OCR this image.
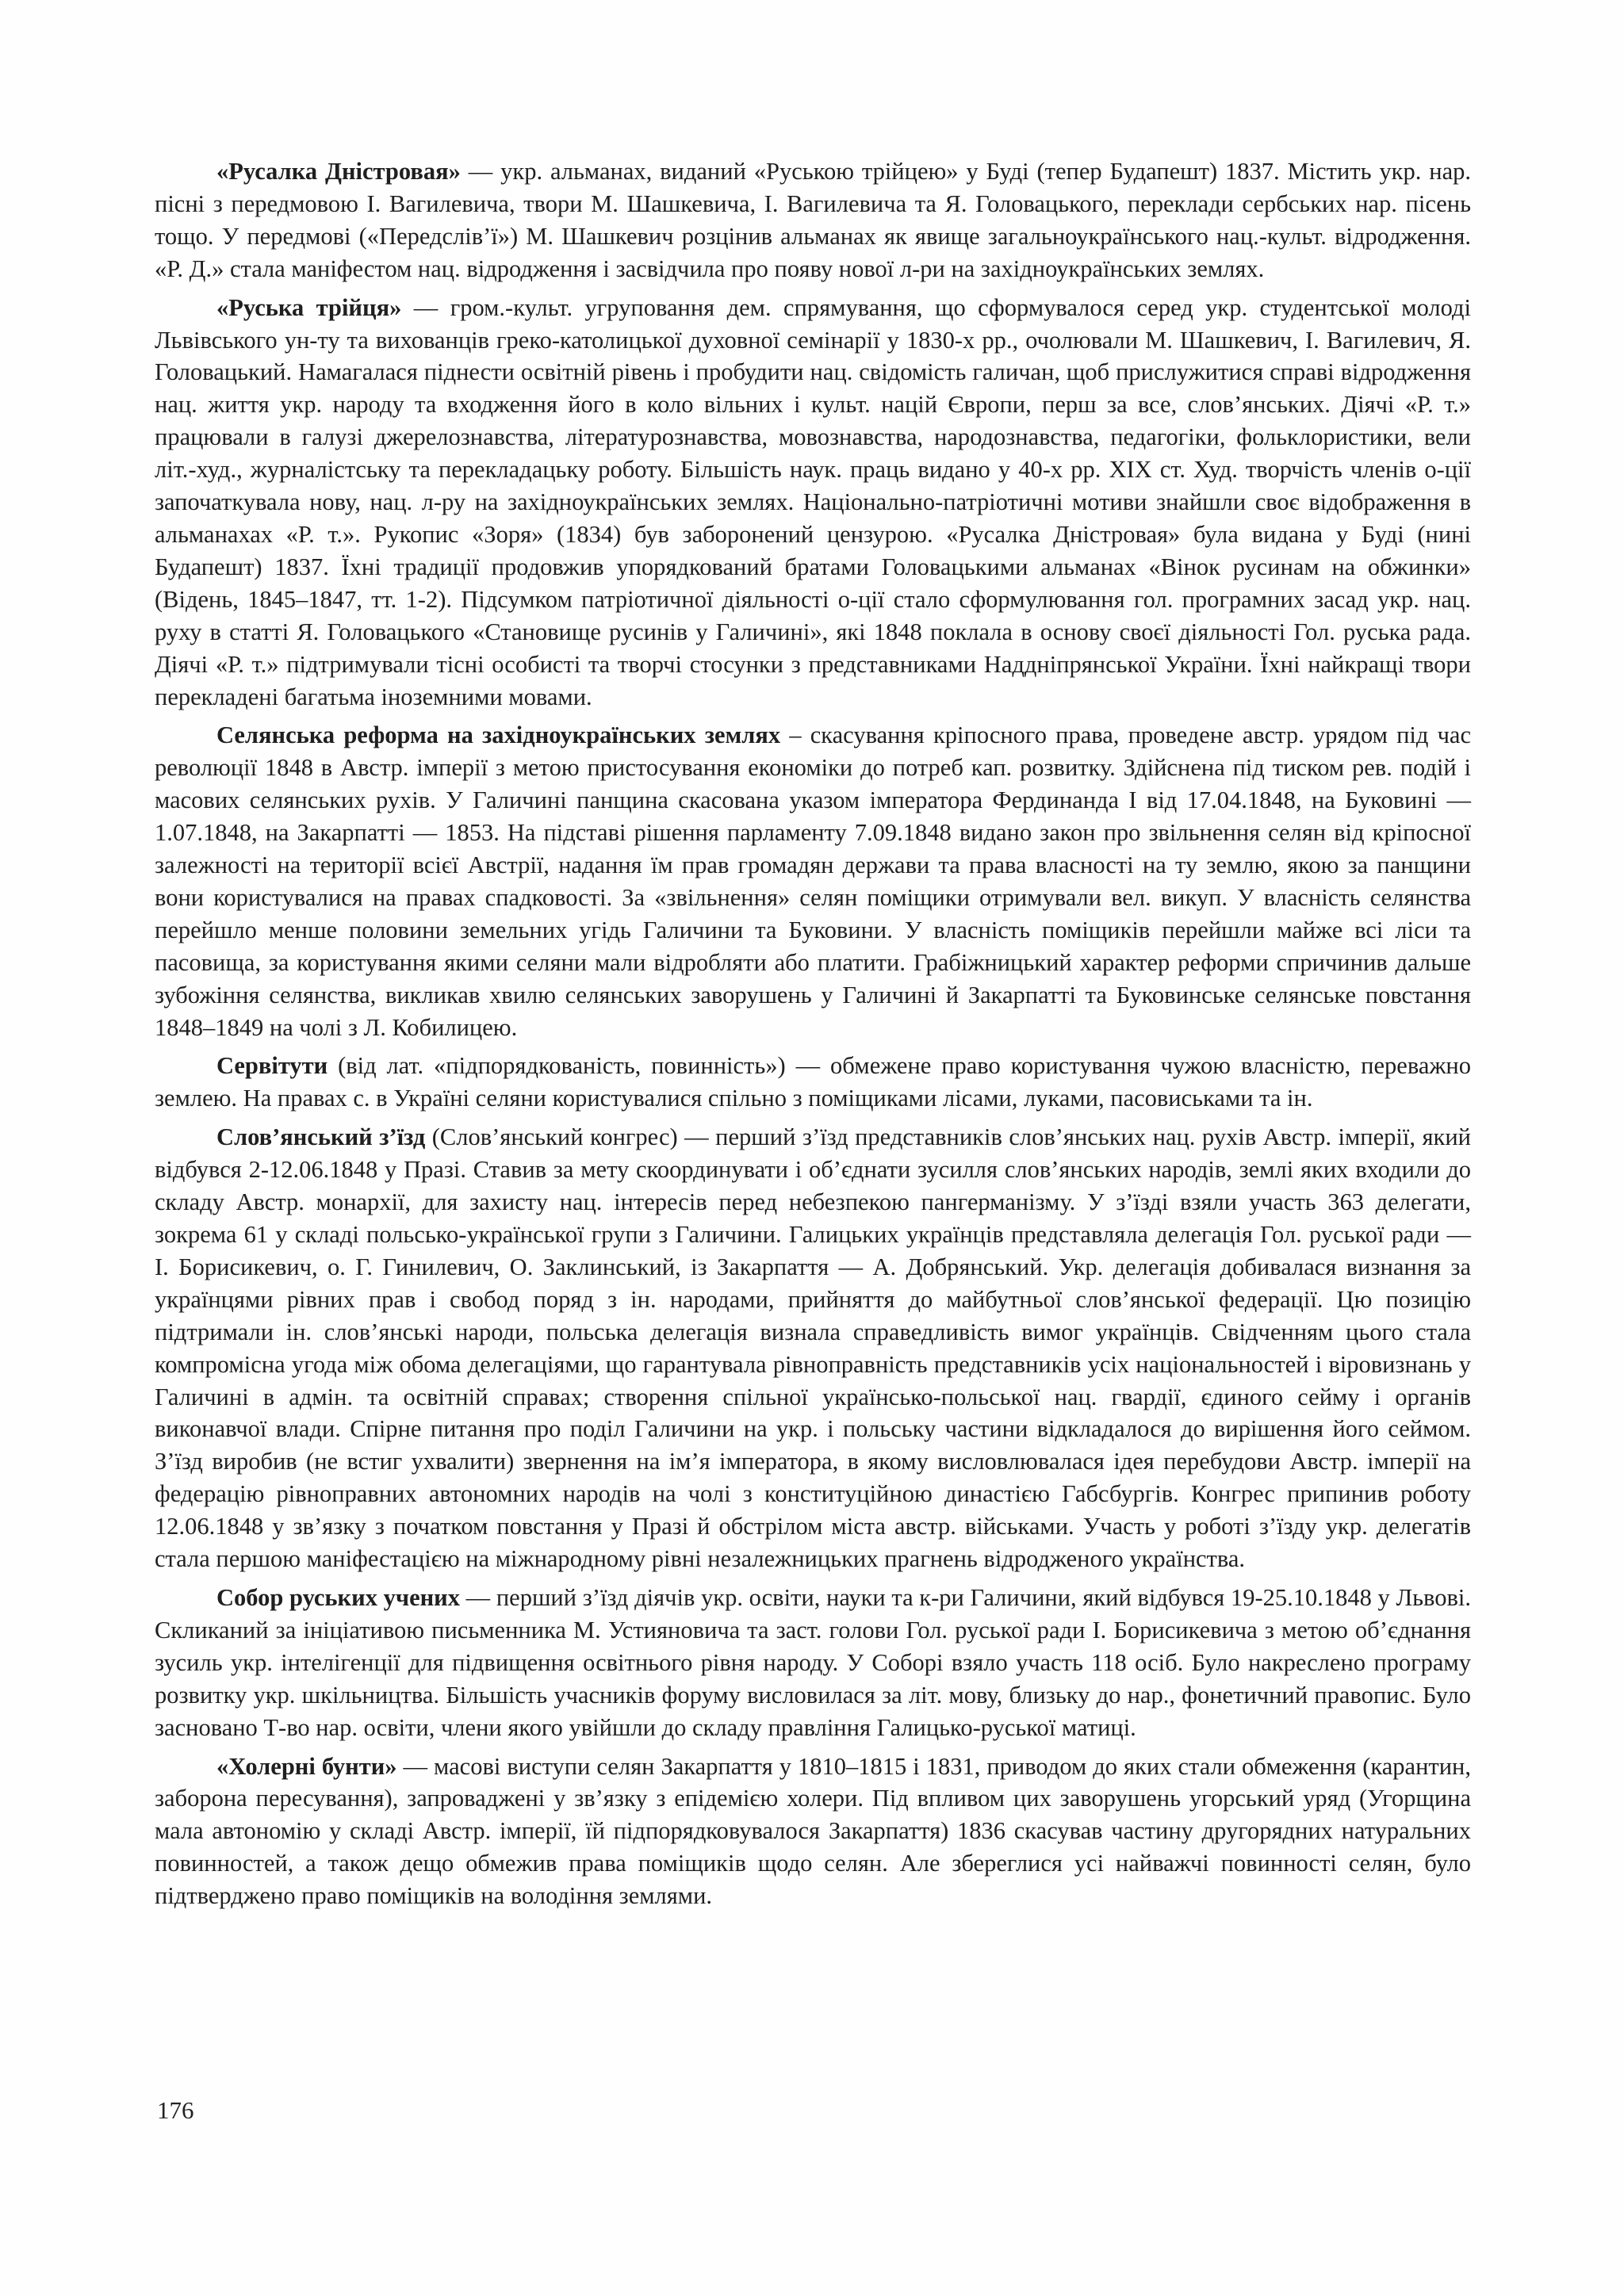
«Русалка Дністровая» — укр. альманах, виданий «Руською трійцею» у Буді (тепер Будапешт) 1837. Містить укр. нар. пісні з передмовою І. Вагилевича, твори М. Шашкевича, І. Вагилевича та Я. Головацького, переклади сербських нар. пісень тощо. У передмові («Передслів’ї») М. Шашкевич розцінив альманах як явище загальноукраїнського нац.-культ. відродження. «Р. Д.» стала маніфестом нац. відродження і засвідчила про появу нової л-ри на західноукраїнських землях.

«Руська трійця» — гром.-культ. угруповання дем. спрямування, що сформувалося серед укр. студентської молоді Львівського ун-ту та вихованців греко-католицької духовної семінарії у 1830-х рр., очолювали М. Шашкевич, І. Вагилевич, Я. Головацький. Намагалася піднести освітній рівень і пробудити нац. свідомість галичан, щоб прислужитися справі відродження нац. життя укр. народу та входження його в коло вільних і культ. націй Європи, перш за все, слов’янських. Діячі «Р. т.» працювали в галузі джерелознавства, літературознавства, мовознавства, народознавства, педагогіки, фольклористики, вели літ.-худ., журналістську та перекладацьку роботу. Більшість наук. праць видано у 40-х рр. XIX ст. Худ. творчість членів о-ції започаткувала нову, нац. л-ру на західноукраїнських землях. Національно-патріотичні мотиви знайшли своє відображення в альманахах «Р. т.». Рукопис «Зоря» (1834) був заборонений цензурою. «Русалка Дністровая» була видана у Буді (нині Будапешт) 1837. Їхні традиції продовжив упорядкований братами Головацькими альманах «Вінок русинам на обжинки» (Відень, 1845–1847, тт. 1-2). Підсумком патріотичної діяльності о-ції стало сформулювання гол. програмних засад укр. нац. руху в статті Я. Головацького «Становище русинів у Галичині», які 1848 поклала в основу своєї діяльності Гол. руська рада. Діячі «Р. т.» підтримували тісні особисті та творчі стосунки з представниками Наддніпрянської України. Їхні найкращі твори перекладені багатьма іноземними мовами.

Селянська реформа на західноукраїнських землях – скасування кріпосного права, проведене австр. урядом під час революції 1848 в Австр. імперії з метою пристосування економіки до потреб кап. розвитку. Здійснена під тиском рев. подій і масових селянських рухів. У Галичині панщина скасована указом імператора Фердинанда I від 17.04.1848, на Буковині — 1.07.1848, на Закарпатті — 1853. На підставі рішення парламенту 7.09.1848 видано закон про звільнення селян від кріпосної залежності на території всієї Австрії, надання їм прав громадян держави та права власності на ту землю, якою за панщини вони користувалися на правах спадковості. За «звільнення» селян поміщики отримували вел. викуп. У власність селянства перейшло менше половини земельних угідь Галичини та Буковини. У власність поміщиків перейшли майже всі ліси та пасовища, за користування якими селяни мали відробляти або платити. Грабіжницький характер реформи спричинив дальше зубожіння селянства, викликав хвилю селянських заворушень у Галичині й Закарпатті та Буковинське селянське повстання 1848–1849 на чолі з Л. Кобилицею.

Сервітути (від лат. «підпорядкованість, повинність») — обмежене право користування чужою власністю, переважно землею. На правах с. в Україні селяни користувалися спільно з поміщиками лісами, луками, пасовиськами та ін.

Слов’янський з’їзд (Слов’янський конгрес) — перший з’їзд представників слов’янських нац. рухів Австр. імперії, який відбувся 2-12.06.1848 у Празі. Ставив за мету скоординувати і об’єднати зусилля слов’янських народів, землі яких входили до складу Австр. монархії, для захисту нац. інтересів перед небезпекою пангерманізму. У з’їзді взяли участь 363 делегати, зокрема 61 у складі польсько-української групи з Галичини. Галицьких українців представляла делегація Гол. руської ради — І. Борисикевич, о. Г. Гинилевич, О. Заклинський, із Закарпаття — А. Добрянський. Укр. делегація добивалася визнання за українцями рівних прав і свобод поряд з ін. народами, прийняття до майбутньої слов’янської федерації. Цю позицію підтримали ін. слов’янські народи, польська делегація визнала справедливість вимог українців. Свідченням цього стала компромісна угода між обома делегаціями, що гарантувала рівноправність представників усіх національностей і віровизнань у Галичині в адмін. та освітній справах; створення спільної українсько-польської нац. гвардії, єдиного сейму і органів виконавчої влади. Спірне питання про поділ Галичини на укр. і польську частини відкладалося до вирішення його сеймом. З’їзд виробив (не встиг ухвалити) звернення на ім’я імператора, в якому висловлювалася ідея перебудови Австр. імперії на федерацію рівноправних автономних народів на чолі з конституційною династією Габсбургів. Конгрес припинив роботу 12.06.1848 у зв’язку з початком повстання у Празі й обстрілом міста австр. військами. Участь у роботі з’їзду укр. делегатів стала першою маніфестацією на міжнародному рівні незалежницьких прагнень відродженого українства.

Собор руських учених — перший з’їзд діячів укр. освіти, науки та к-ри Галичини, який відбувся 19-25.10.1848 у Львові. Скликаний за ініціативою письменника М. Устияновича та заст. голови Гол. руської ради І. Борисикевича з метою об’єднання зусиль укр. інтелігенції для підвищення освітнього рівня народу. У Соборі взяло участь 118 осіб. Було накреслено програму розвитку укр. шкільництва. Більшість учасників форуму висловилася за літ. мову, близьку до нар., фонетичний правопис. Було засновано Т-во нар. освіти, члени якого увійшли до складу правління Галицько-руської матиці.

«Холерні бунти» — масові виступи селян Закарпаття у 1810–1815 і 1831, приводом до яких стали обмеження (карантин, заборона пересування), запроваджені у зв’язку з епідемією холери. Під впливом цих заворушень угорський уряд (Угорщина мала автономію у складі Австр. імперії, їй підпорядковувалося Закарпаття) 1836 скасував частину другорядних натуральних повинностей, а також дещо обмежив права поміщиків щодо селян. Але збереглися усі найважчі повинності селян, було підтверджено право поміщиків на володіння землями.

176
